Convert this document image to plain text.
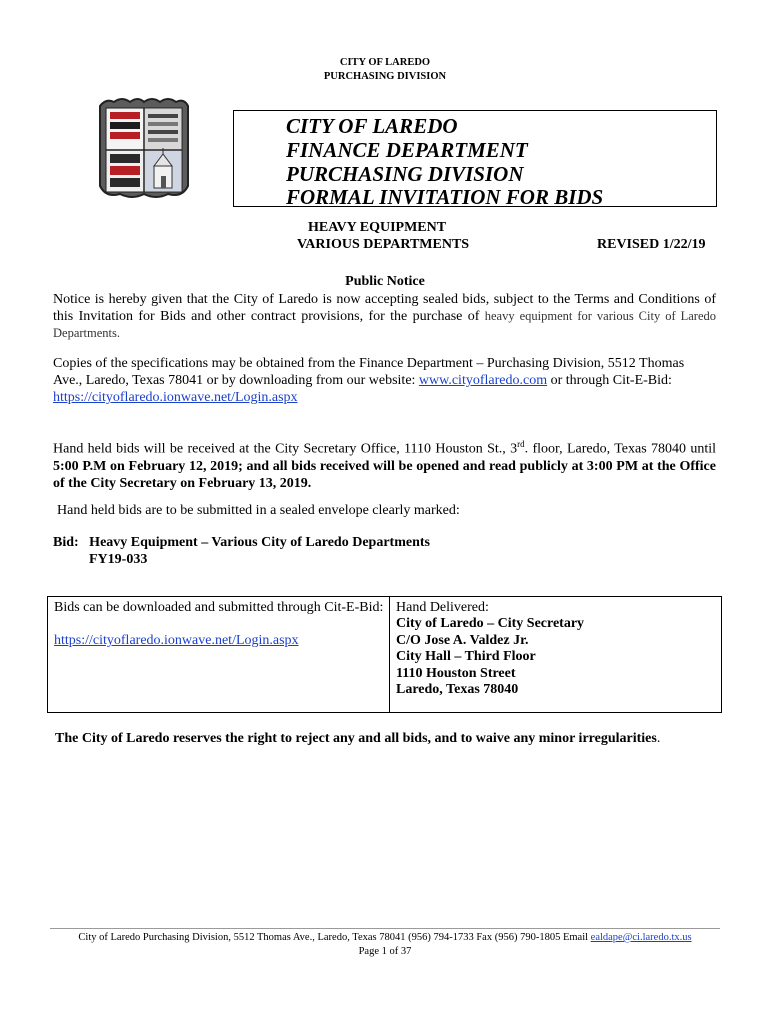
CITY OF LAREDO
PURCHASING DIVISION
CITY OF LAREDO
FINANCE DEPARTMENT
PURCHASING DIVISION
FORMAL INVITATION FOR BIDS
HEAVY EQUIPMENT
VARIOUS DEPARTMENTS	REVISED 1/22/19
Public Notice
Notice is hereby given that the City of Laredo is now accepting sealed bids, subject to the Terms and Conditions of this Invitation for Bids and other contract provisions, for the purchase of heavy equipment for various City of Laredo Departments.
Copies of the specifications may be obtained from the Finance Department – Purchasing Division, 5512 Thomas Ave., Laredo, Texas 78041 or by downloading from our website: www.cityoflaredo.com or through Cit-E-Bid:
https://cityoflaredo.ionwave.net/Login.aspx
Hand held bids will be received at the City Secretary Office, 1110 Houston St., 3rd. floor, Laredo, Texas 78040 until 5:00 P.M on February 12, 2019; and all bids received will be opened and read publicly at 3:00 PM at the Office of the City Secretary on February 13, 2019.
Hand held bids are to be submitted in a sealed envelope clearly marked:
Bid:   Heavy Equipment – Various City of Laredo Departments
FY19-033
Bids can be downloaded and submitted through Cit-E-Bid:
https://cityoflaredo.ionwave.net/Login.aspx
Hand Delivered:
City of Laredo – City Secretary
C/O Jose A. Valdez Jr.
City Hall – Third Floor
1110 Houston Street
Laredo, Texas 78040
The City of Laredo reserves the right to reject any and all bids, and to waive any minor irregularities.
City of Laredo Purchasing Division, 5512 Thomas Ave., Laredo, Texas 78041 (956) 794-1733 Fax (956) 790-1805 Email ealdape@ci.laredo.tx.us
Page 1 of 37
